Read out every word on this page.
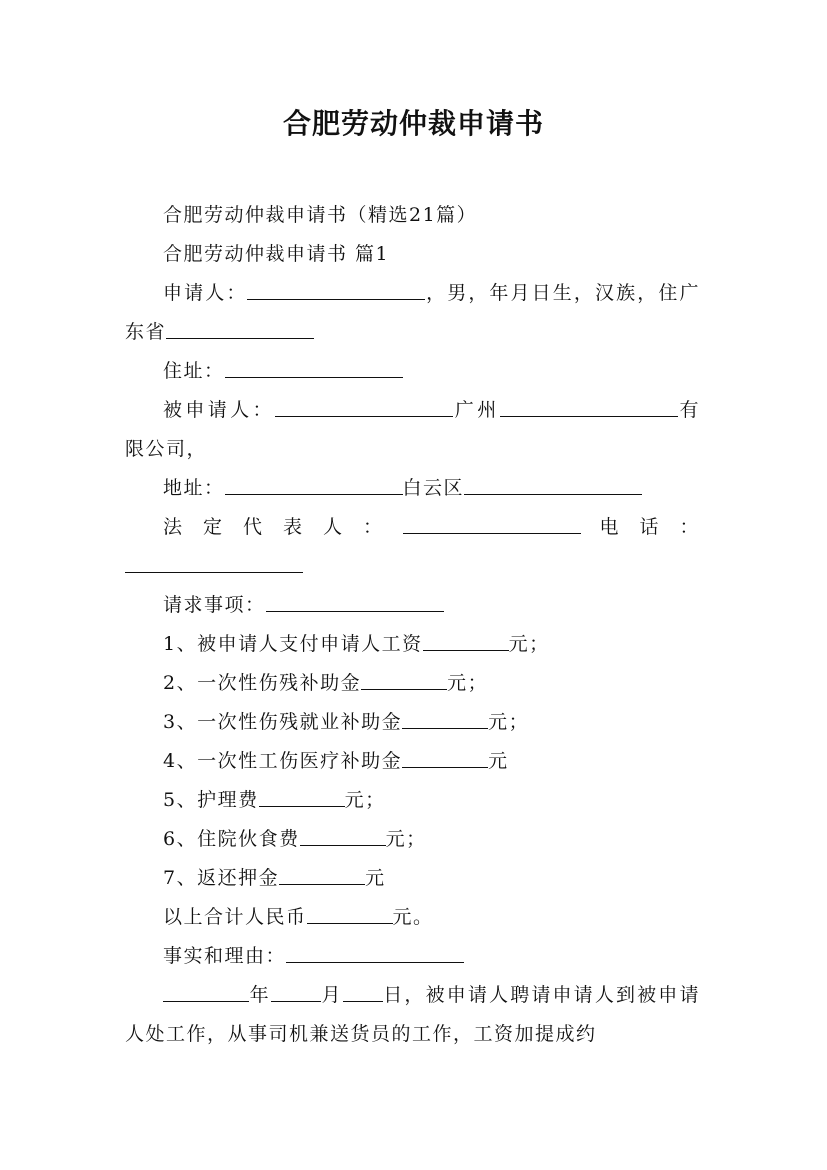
合肥劳动仲裁申请书

合肥劳动仲裁申请书（精选21篇）

合肥劳动仲裁申请书 篇1

申请人：	，男，年月日生，汉族，住广东省

住址：

被申请人：	广州	有限公司，

地址：	白云区

法 定 代 表 人 ：	电 话 ：

请求事项：

1、被申请人支付申请人工资	元；

2、一次性伤残补助金	元；

3、一次性伤残就业补助金	元；

4、一次性工伤医疗补助金	元

5、护理费	元；

6、住院伙食费	元；

7、返还押金	元

以上合计人民币	元。

事实和理由：

年	月 日，被申请人聘请申请人到被申请人处工作，从事司机兼送货员的工作，工资加提成约
